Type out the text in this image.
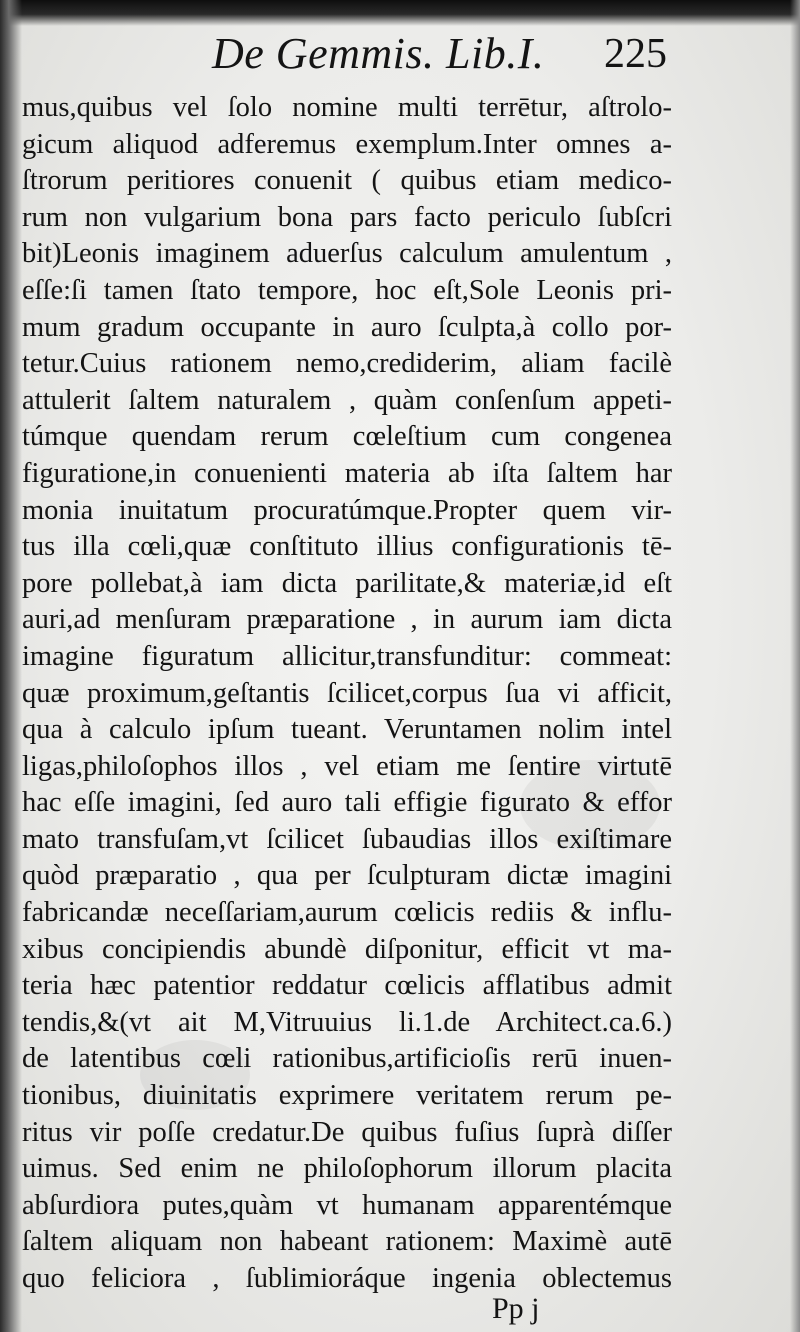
De Gemmis. Lib.I. 225
mus,quibus vel ſolo nomine multi terrētur, aſtrolo-
gicum aliquod adferemus exemplum.Inter omnes a-
ſtrorum peritiores conuenit ( quibus etiam medico-
rum non vulgarium bona pars facto periculo ſubſcri
bit)Leonis imaginem aduerſus calculum amulentum ,
eſſe:ſi tamen ſtato tempore, hoc eſt,Sole Leonis pri-
mum gradum occupante in auro ſculpta,à collo por-
tetur.Cuius rationem nemo,crediderim, aliam facilè
attulerit ſaltem naturalem , quàm conſenſum appeti-
túmque quendam rerum cœleſtium cum congenea
figuratione,in conuenienti materia ab iſta ſaltem har
monia inuitatum procuratúmque.Propter quem vir-
tus illa cœli,quæ conſtituto illius configurationis tē-
pore pollebat,à iam dicta parilitate,& materiæ,id eſt
auri,ad menſuram præparatione , in aurum iam dicta
imagine figuratum allicitur,transfunditur: commeat:
quæ proximum,geſtantis ſcilicet,corpus ſua vi afficit,
qua à calculo ipſum tueant. Veruntamen nolim intel
ligas,philoſophos illos , vel etiam me ſentire virtutē
hac eſſe imagini, ſed auro tali effigie figurato & effor
mato transfuſam,vt ſcilicet ſubaudias illos exiſtimare
quòd præparatio , qua per ſculpturam dictæ imagini
fabricandæ neceſſariam,aurum cœlicis rediis & influ-
xibus concipiendis abundè diſponitur, efficit vt ma-
teria hæc patentior reddatur cœlicis afflatibus admit
tendis,&(vt ait M,Vitruuius li.1.de Architect.ca.6.)
de latentibus cœli rationibus,artificioſis rerū inuen-
tionibus, diuinitatis exprimere veritatem rerum pe-
ritus vir poſſe credatur.De quibus fuſius ſuprà diſſer
uimus. Sed enim ne philoſophorum illorum placita
abſurdiora putes,quàm vt humanam apparentémque
ſaltem aliquam non habeant rationem: Maximè autē
quo feliciora , ſublimioráque ingenia oblectemus
Pp j
